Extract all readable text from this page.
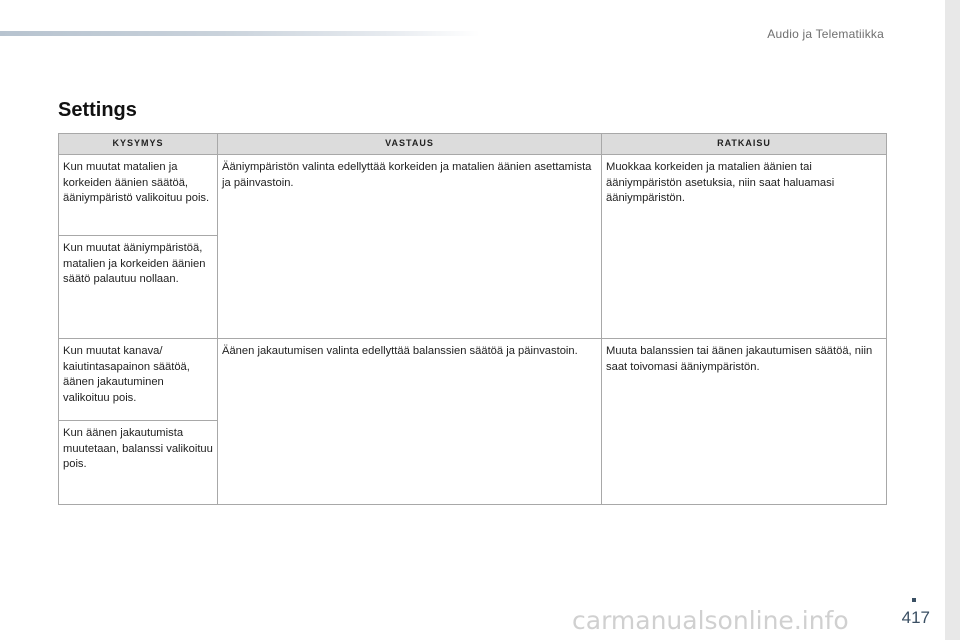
Audio ja Telematiikka
Settings
KYSYMYS	VASTAUS	RATKAISU
Kun muutat matalien ja korkeiden äänien säätöä, ääniympäristö valikoituu pois.	Ääniympäristön valinta edellyttää korkeiden ja matalien äänien asettamista ja päinvastoin.	Muokkaa korkeiden ja matalien äänien tai ääniympäristön asetuksia, niin saat haluamasi ääniympäristön.
Kun muutat ääniympäristöä, matalien ja korkeiden äänien säätö palautuu nollaan.		
Kun muutat kanava/ kaiutintasapainon säätöä, äänen jakautuminen valikoituu pois.	Äänen jakautumisen valinta edellyttää balanssien säätöä ja päinvastoin.	Muuta balanssien tai äänen jakautumisen säätöä, niin saat toivomasi ääniympäristön.
Kun äänen jakautumista muutetaan, balanssi valikoituu pois.		
417
carmanualsonline.info
